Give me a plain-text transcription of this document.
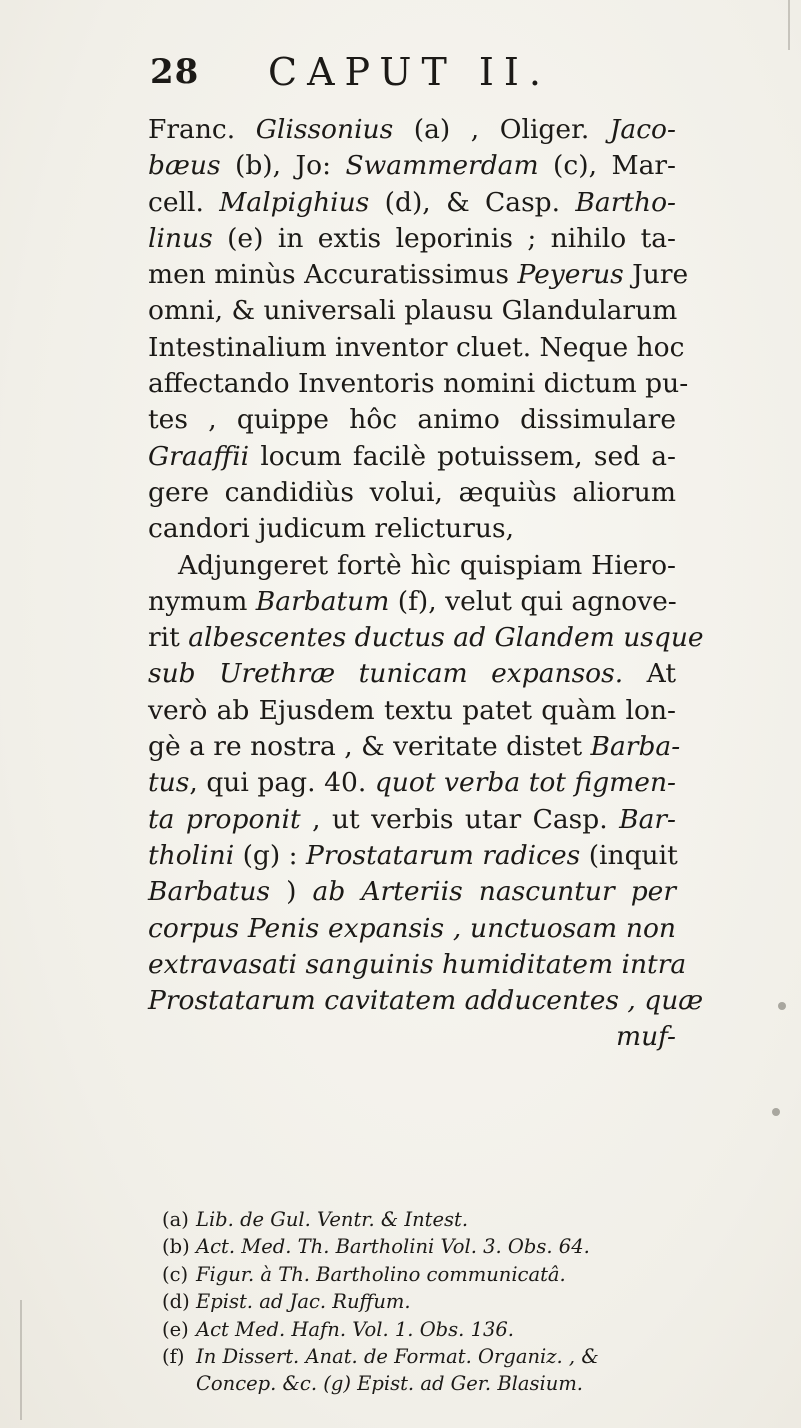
28 CAPUT II.
Franc. Glissonius (a) , Oliger. Jaco-
bæus (b), Jo: Swammerdam (c), Mar-
cell. Malpighius (d), & Casp. Bartho-
linus (e) in extis leporinis ; nihilo ta-
men minùs Accuratissimus Peyerus Jure
omni, & universali plausu Glandularum
Intestinalium inventor cluet. Neque hoc
affectando Inventoris nomini dictum pu-
tes , quippe hôc animo dissimulare
Graaffii locum facilè potuissem, sed a-
gere candidiùs volui, æquiùs aliorum
candori judicum relicturus,
Adjungeret fortè hìc quispiam Hiero-
nymum Barbatum (f), velut qui agnove-
rit albescentes ductus ad Glandem usque
sub Urethræ tunicam expansos. At
verò ab Ejusdem textu patet quàm lon-
gè a re nostra , & veritate distet Barba-
tus, qui pag. 40. quot verba tot figmen-
ta proponit , ut verbis utar Casp. Bar-
tholini (g) : Prostatarum radices (inquit
Barbatus ) ab Arteriis nascuntur per
corpus Penis expansis , unctuosam non
extravasati sanguinis humiditatem intra
Prostatarum cavitatem adducentes , quæ
muf-
(a) Lib. de Gul. Ventr. & Intest.
(b) Act. Med. Th. Bartholini Vol. 3. Obs. 64.
(c) Figur. à Th. Bartholino communicatâ.
(d) Epist. ad Jac. Ruffum.
(e) Act Med. Hafn. Vol. 1. Obs. 136.
(f) In Dissert. Anat. de Format. Organiz. , &
Concep. &c. (g) Epist. ad Ger. Blasium.
